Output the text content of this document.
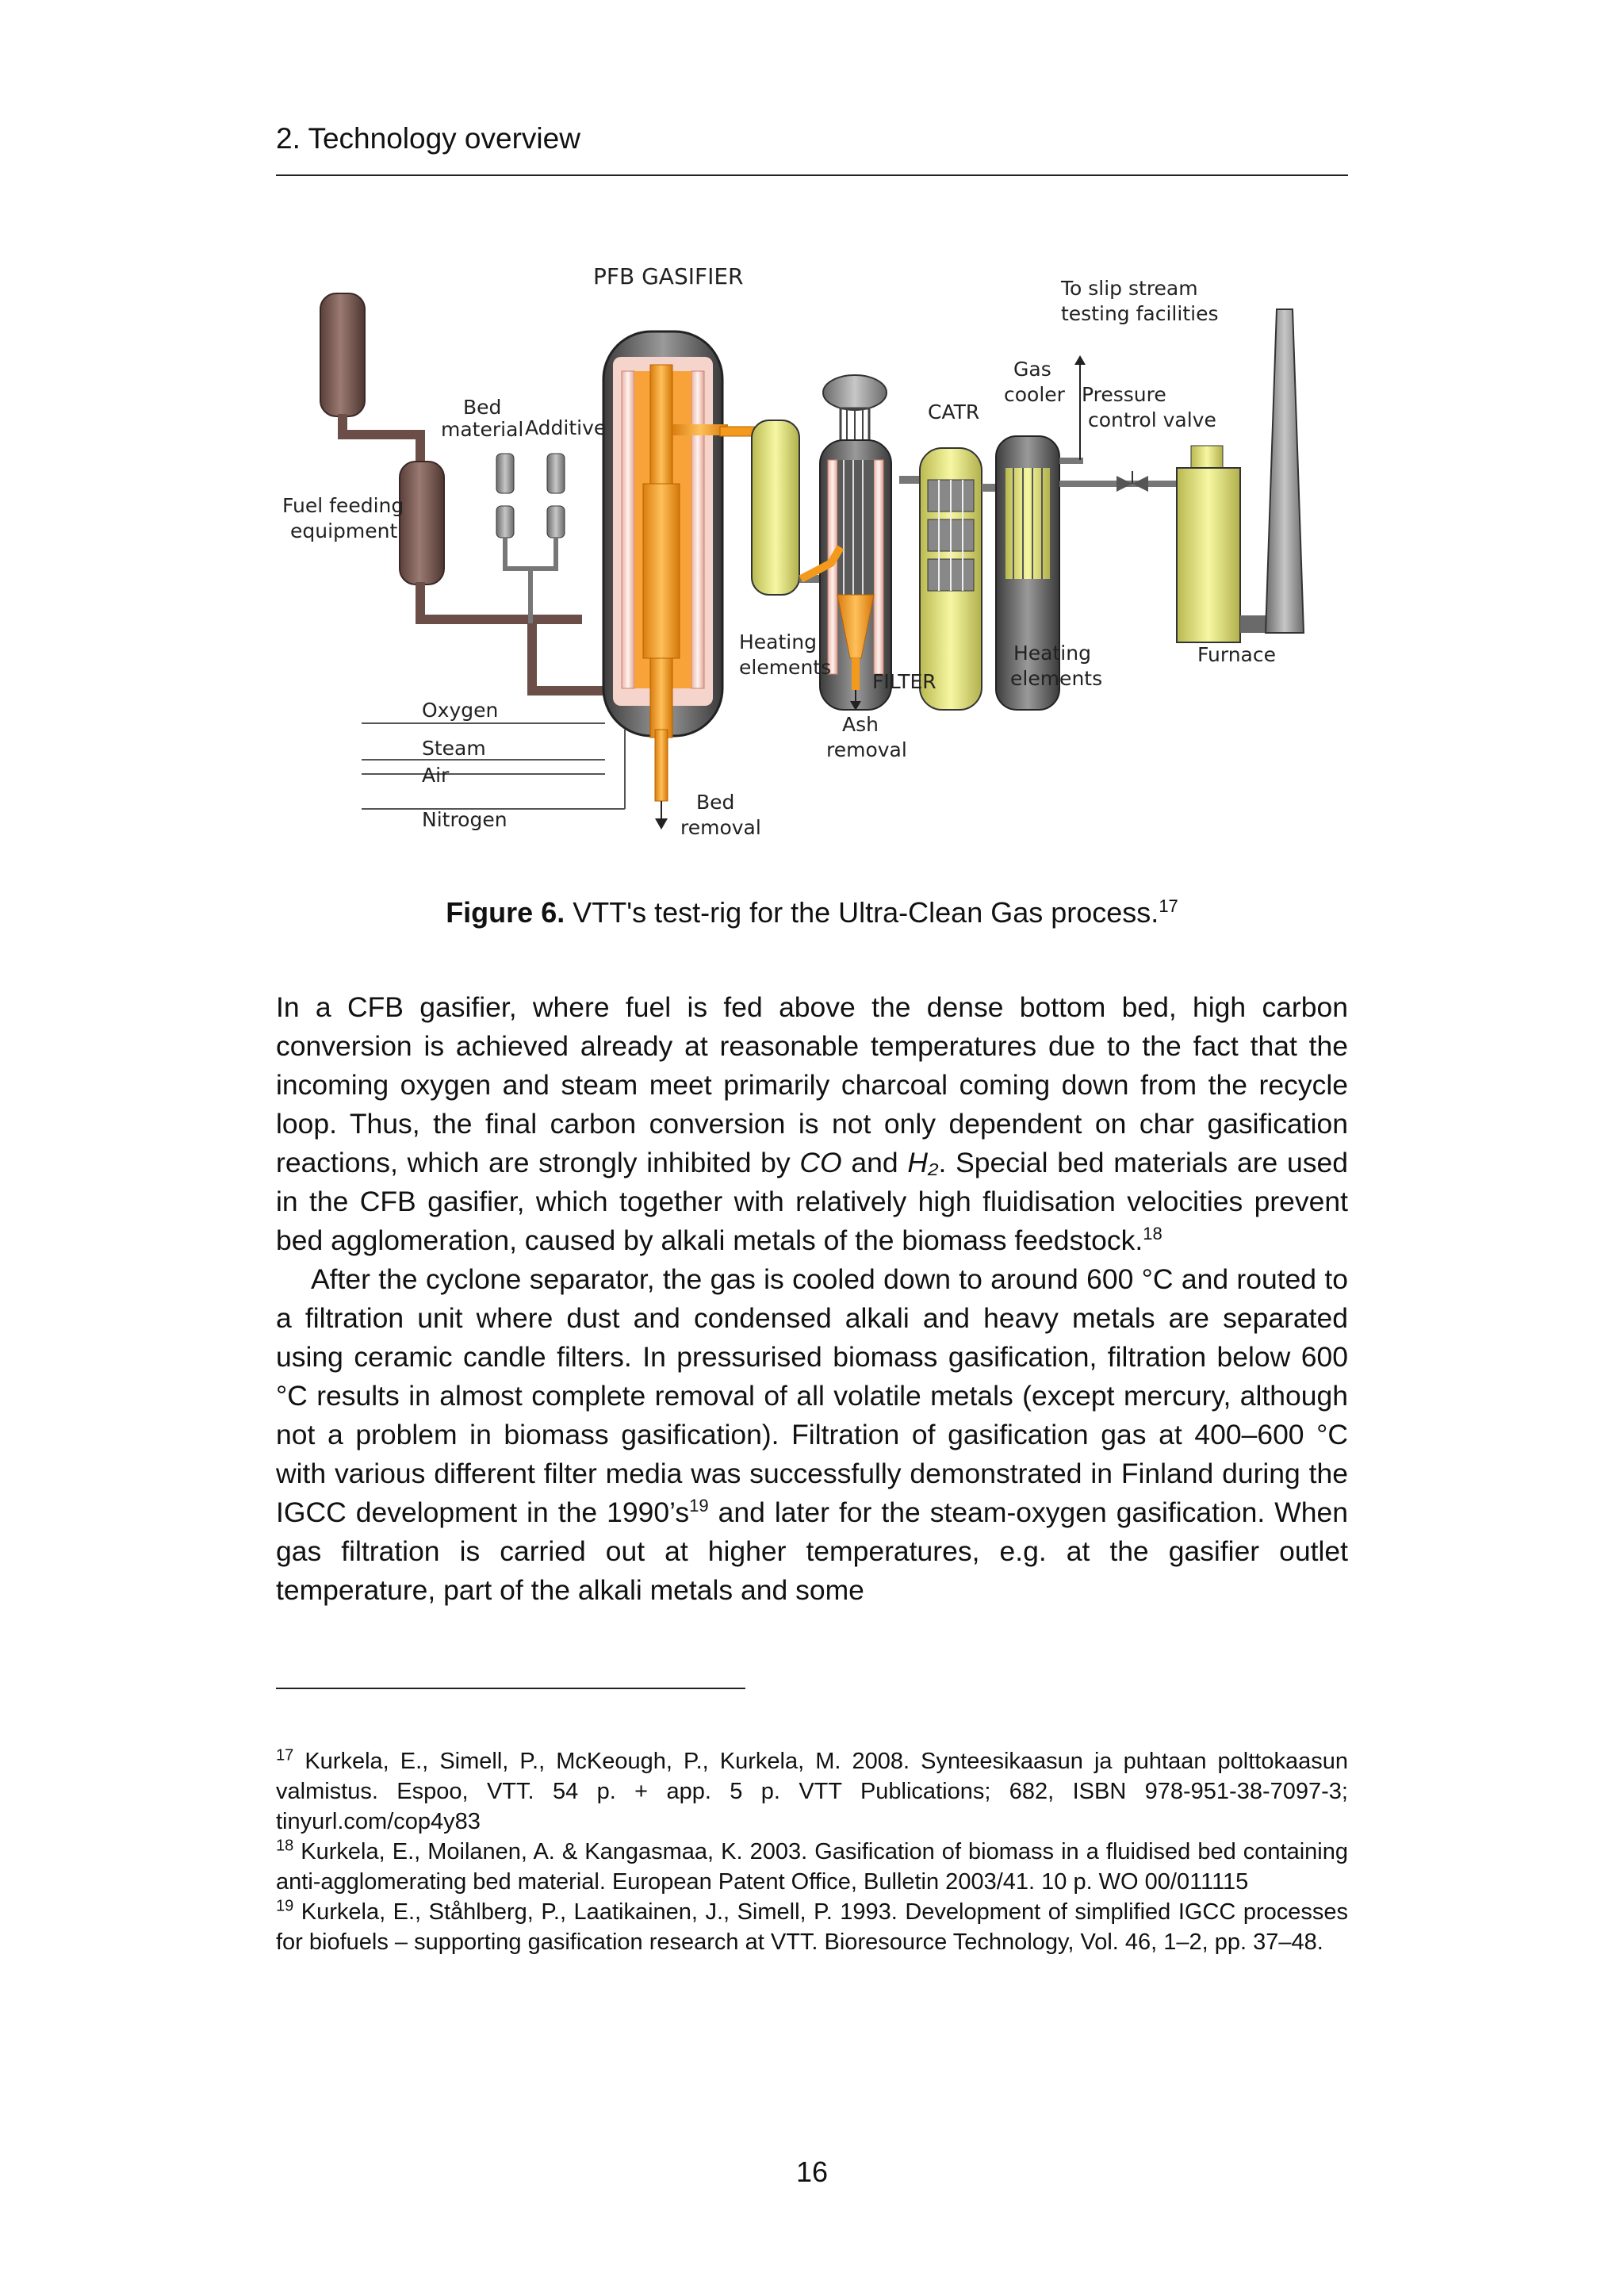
2. Technology overview
PFB GASIFIER	To slip stream
testing facilities
Gas
cooler
CATR
Pressure
control valve
Bed
material Additive
Fuel feeding
equipment
Heating
elements
Heating
elements
FILTER
Ash
removal
Furnace
Oxygen
Steam
Air
Nitrogen
Bed
removal
Figure 6. VTT's test-rig for the Ultra-Clean Gas process.$^{17}$

In a CFB gasifier, where fuel is fed above the dense bottom bed, high carbon conversion is achieved already at reasonable temperatures due to the fact that the incoming oxygen and steam meet primarily charcoal coming down from the recycle loop. Thus, the final carbon conversion is not only dependent on char gasification reactions, which are strongly inhibited by CO and H₂. Special bed materials are used in the CFB gasifier, which together with relatively high fluidisation velocities prevent bed agglomeration, caused by alkali metals of the biomass feedstock.$^{18}$

After the cyclone separator, the gas is cooled down to around 600 °C and routed to a filtration unit where dust and condensed alkali and heavy metals are separated using ceramic candle filters. In pressurised biomass gasification, filtration below 600 °C results in almost complete removal of all volatile metals (except mercury, although not a problem in biomass gasification). Filtration of gasification gas at 400–600 °C with various different filter media was successfully demonstrated in Finland during the IGCC development in the $1990’s^{19}$ and later for the steam-oxygen gasification. When gas filtration is carried out at higher temperatures, e.g. at the gasifier outlet temperature, part of the alkali metals and some

$^{17}$ Kurkela, E., Simell, P., McKeough, P., Kurkela, M. 2008. Synteesikaasun ja puhtaan polttokaasun valmistus. Espoo, VTT. 54 p. + app. 5 p. VTT Publications; 682, ISBN 978-951-38-7097-3; tinyurl.com/cop4y83

$^{18}$ Kurkela, E., Moilanen, A. & Kangasmaa, K. 2003. Gasification of biomass in a fluidised bed containing anti-agglomerating bed material. European Patent Office, Bulletin 2003/41. 10 p. WO 00/011115

$^{19}$ Kurkela, E., Ståhlberg, P., Laatikainen, J., Simell, P. 1993. Development of simplified IGCC processes for biofuels – supporting gasification research at VTT. Bioresource Technology, Vol. 46, 1–2, pp. 37–48.

16
